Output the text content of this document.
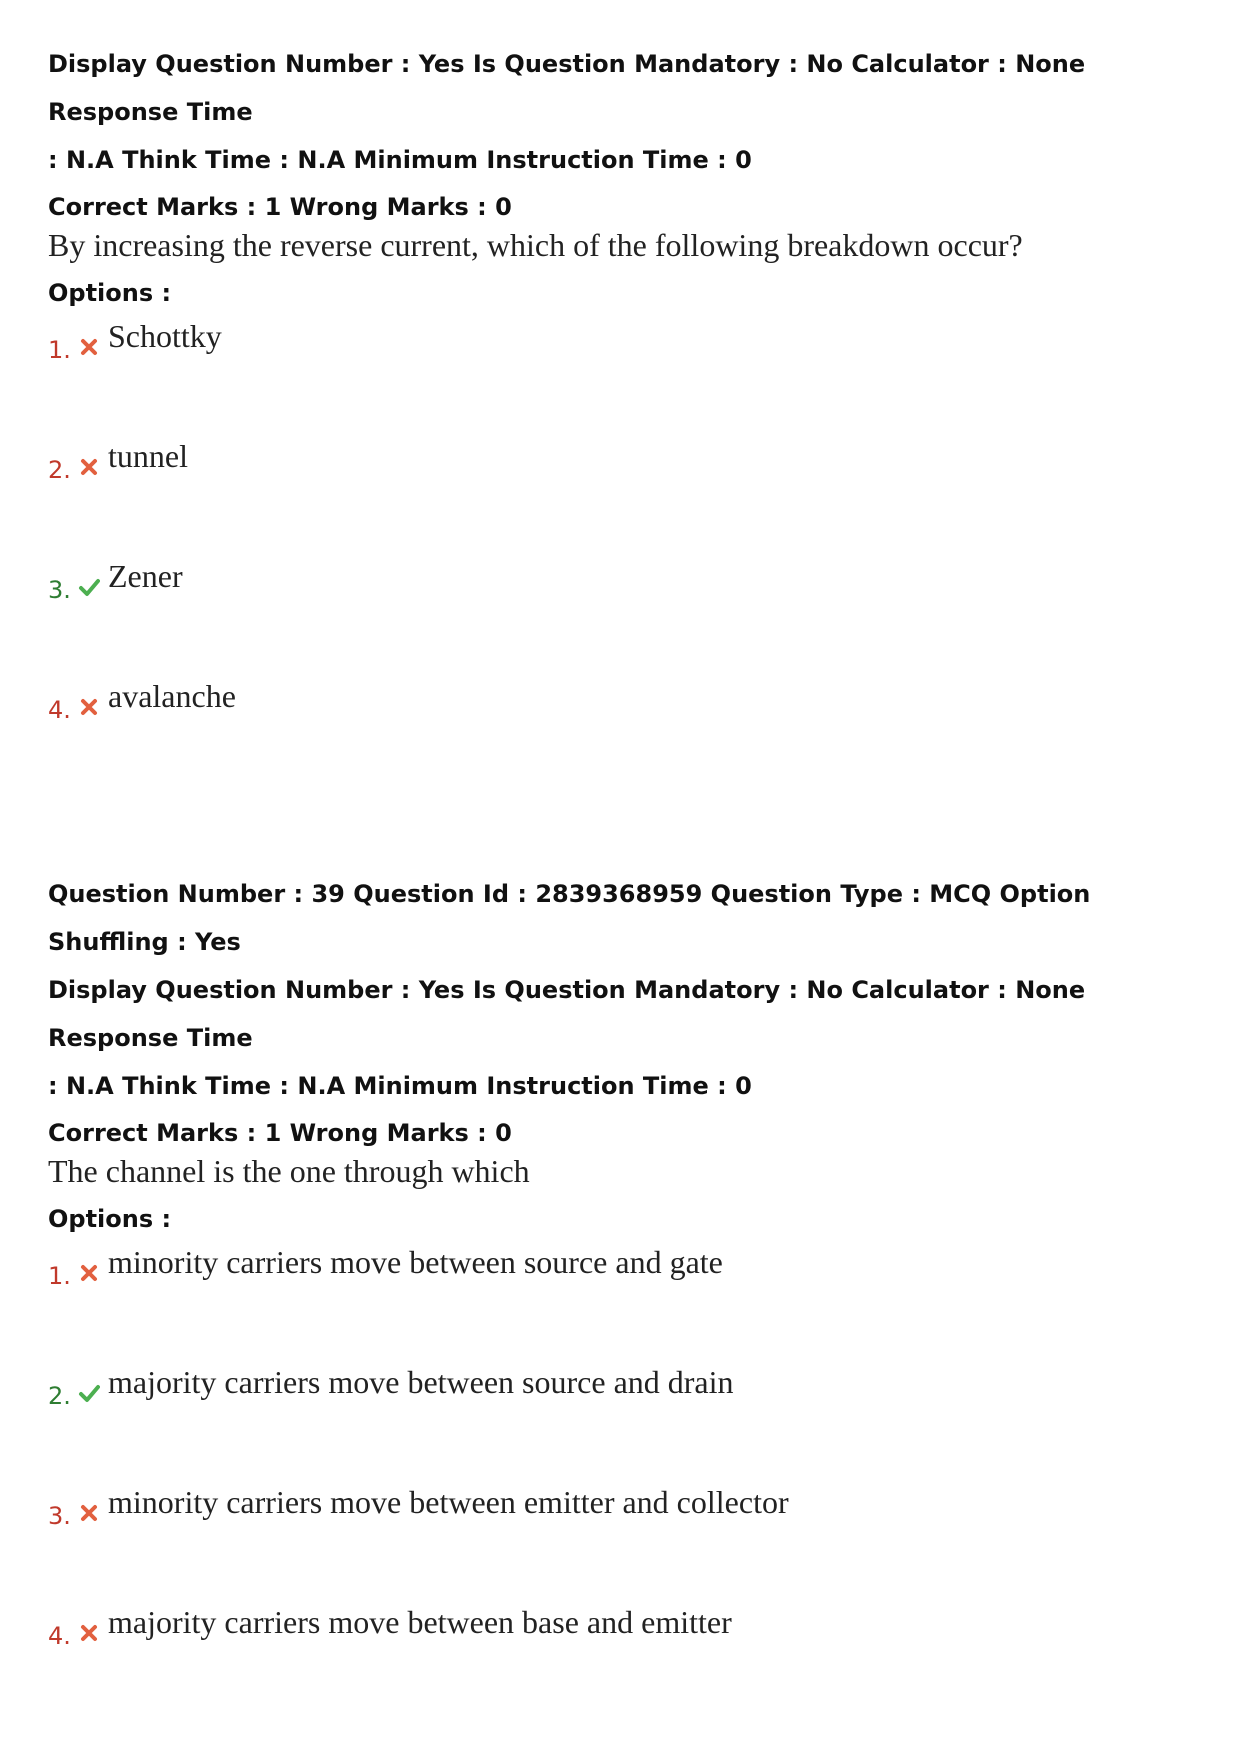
Display Question Number : Yes Is Question Mandatory : No Calculator : None Response Time
: N.A Think Time : N.A Minimum Instruction Time : 0
Correct Marks : 1 Wrong Marks : 0
By increasing the reverse current, which of the following breakdown occur?
Options :
1. Schottky
2. tunnel
3. Zener
4. avalanche
Question Number : 39 Question Id : 2839368959 Question Type : MCQ Option Shuffling : Yes
Display Question Number : Yes Is Question Mandatory : No Calculator : None Response Time
: N.A Think Time : N.A Minimum Instruction Time : 0
Correct Marks : 1 Wrong Marks : 0
The channel is the one through which
Options :
1. minority carriers move between source and gate
2. majority carriers move between source and drain
3. minority carriers move between emitter and collector
4. majority carriers move between base and emitter
